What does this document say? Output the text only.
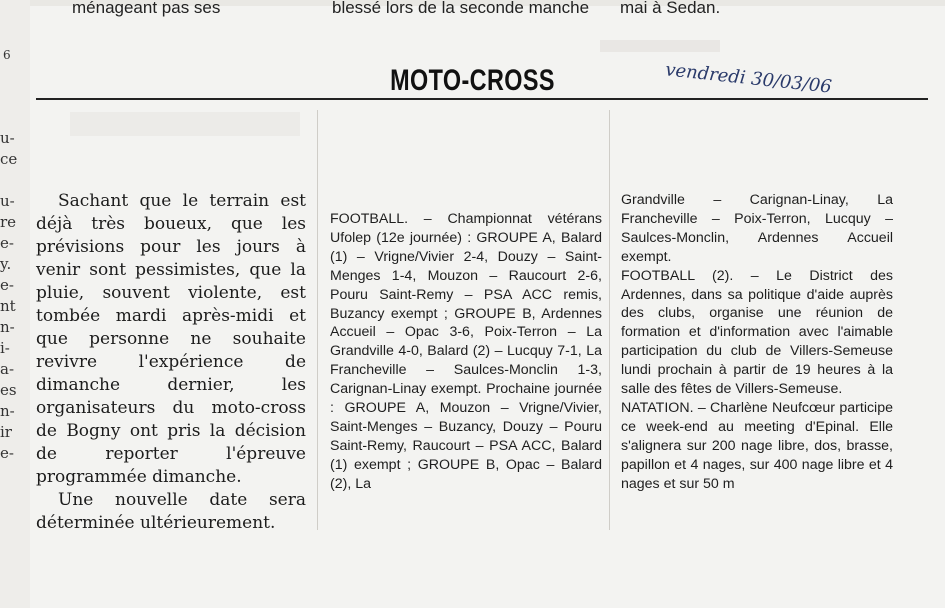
ménageant pas ses	blessé lors de la seconde manche mai à Sedan.
6
u-
ce
u-
re
e-
y.
e-
nt
n-
i-
a-
es
n-
ir
e-
MOTO-CROSS	vendredi 30/03/06

Sachant que le terrain est déjà très boueux, que les prévisions pour les jours à venir sont pessimistes, que la pluie, souvent violente, est tombée mardi après-midi et que personne ne souhaite revivre l'expérience de dimanche dernier, les organisateurs du moto-cross de Bogny ont pris la décision de reporter l'épreuve programmée dimanche.

Une nouvelle date sera déterminée ultérieurement.

FOOTBALL. – Championnat vétérans Ufolep (12e journée) : GROUPE A, Balard (1) – Vrigne/Vivier 2-4, Douzy – Saint-Menges 1-4, Mouzon – Raucourt 2-6, Pouru Saint-Remy – PSA ACC remis, Buzancy exempt ; GROUPE B, Ardennes Accueil – Opac 3-6, Poix-Terron – La Grandville 4-0, Balard (2) – Lucquy 7-1, La Francheville – Saulces-Monclin 1-3, Carignan-Linay exempt. Prochaine journée : GROUPE A, Mouzon – Vrigne/Vivier, Saint-Menges – Buzancy, Douzy – Pouru Saint-Remy, Raucourt – PSA ACC, Balard (1) exempt ; GROUPE B, Opac – Balard (2), La

Grandville – Carignan-Linay, La Francheville – Poix-Terron, Lucquy – Saulces-Monclin, Ardennes Accueil exempt.

FOOTBALL (2). – Le District des Ardennes, dans sa politique d'aide auprès des clubs, organise une réunion de formation et d'information avec l'aimable participation du club de Villers-Semeuse lundi prochain à partir de 19 heures à la salle des fêtes de Villers-Semeuse.

NATATION. – Charlène Neufcœur participe ce week-end au meeting d'Epinal. Elle s'alignera sur 200 nage libre, dos, brasse, papillon et 4 nages, sur 400 nage libre et 4 nages et sur 50 m
